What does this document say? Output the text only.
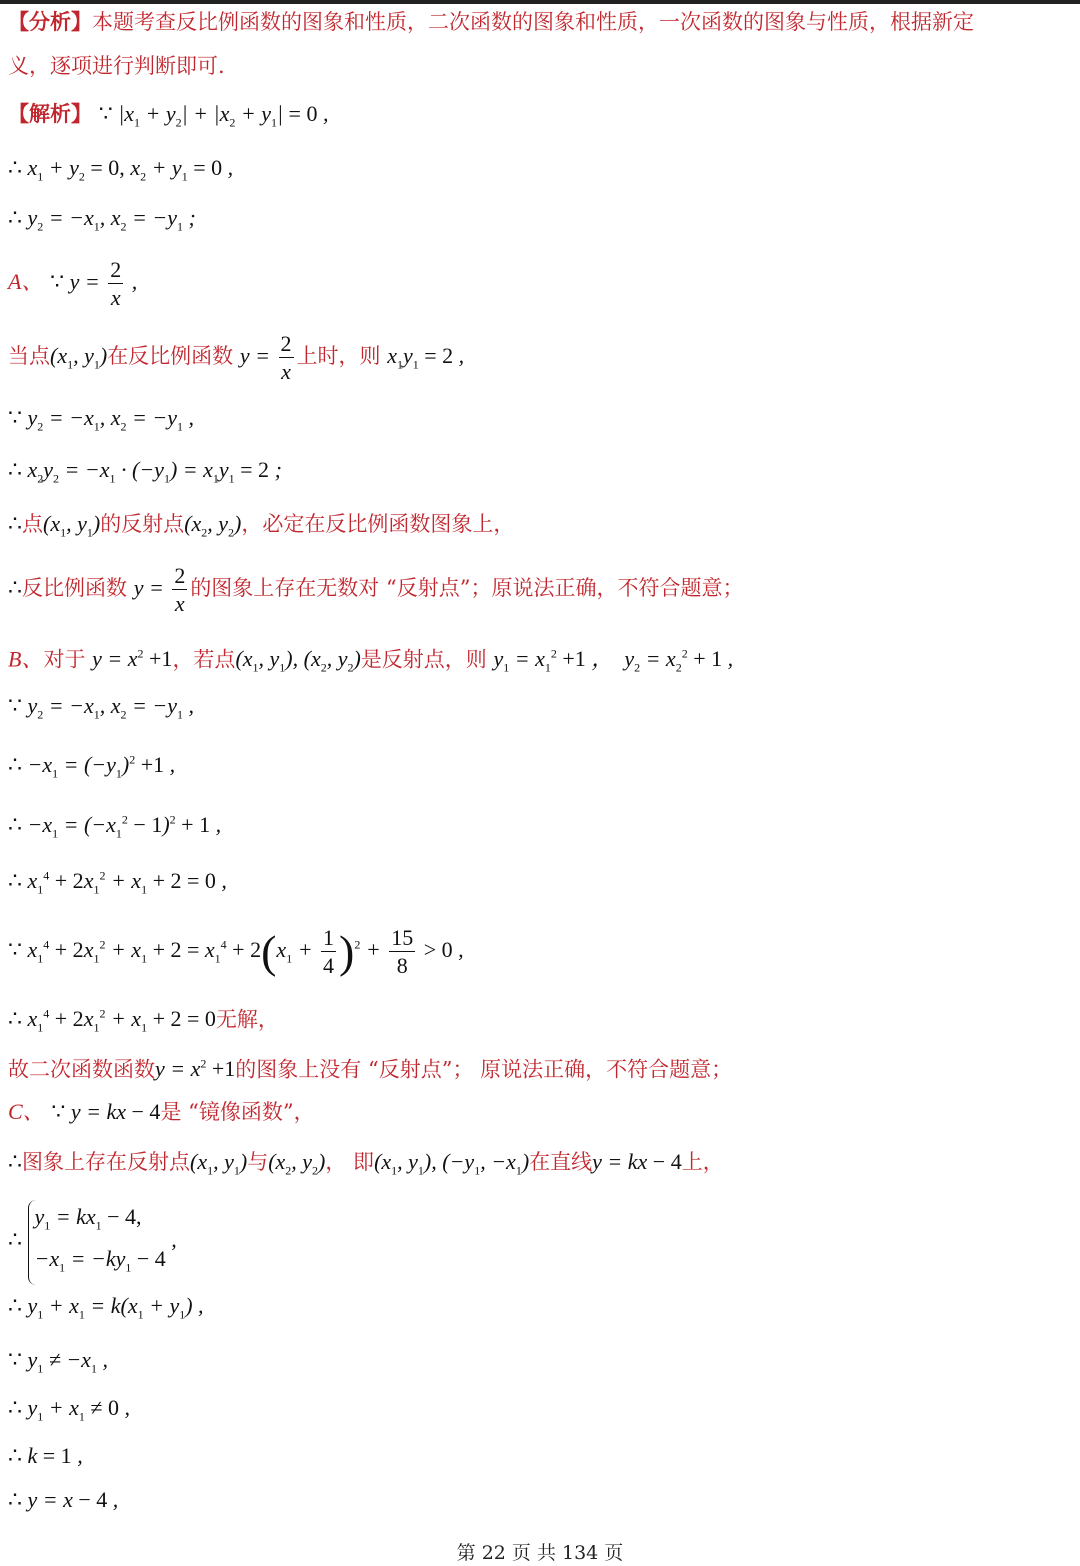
【分析】本题考查反比例函数的图象和性质，二次函数的图象和性质，一次函数的图象与性质，根据新定
义，逐项进行判断即可.
【解析】 ∵ $|x_1 + y_2| + |x_2 + y_1| = 0$ ,
∴ $x_1 + y_2 = 0$, $x_2 + y_1 = 0$ ,
∴ $y_2 = -x_1$, $x_2 = -y_1$ ;
A、 ∵ $y = \frac{2}{x}$ ,
当点($x_1$, $y_1$)在反比例函数 $y = \frac{2}{x}$ 上时，则 $x_1y_1 = 2$ ,
∵ $y_2 = -x_1$, $x_2 = -y_1$ ,
∴ $x_2y_2 = -x_1 \cdot (-y_1) = x_1y_1 = 2$ ;
∴点($x_1$, $y_1$)的反射点($x_2$, $y_2$)，必定在反比例函数图象上，
∴反比例函数 $y = \frac{2}{x}$ 的图象上存在无数对 “反射点”；原说法正确，不符合题意；
B、对于 $y = x^2 +1$，若点($x_1$, $y_1$), ($x_2$, $y_2$)是反射点，则 $y_1 = x_1^2 +1$ ，  $y_2 = x_2^2 + 1$ ,
∵ $y_2 = -x_1$, $x_2 = -y_1$ ,
∴ $-x_1 = (-y_1)^2 +1$ ,
∴ $-x_1 = (-x_1^2 - 1)^2 + 1$ ,
∴ $x_1^4 + 2x_1^2 + x_1 + 2 = 0$ ,
∵ $x_1^4 + 2x_1^2 + x_1 + 2 = x_1^4 + 2(x_1 + \frac{1}{4} )^2 + \frac{15}{8} > 0$ ,
∴ $x_1^4 + 2x_1^2 + x_1 + 2 = 0$无解，
故二次函数函数$y = x^2 +1$的图象上没有 “反射点”； 原说法正确，不符合题意；
C、 ∵ y = kx − 4是 “镜像函数”，
∴图象上存在反射点($x_1$, $y_1$)与($x_2$, $y_2$)， 即($x_1$, $y_1$), ($-y_1$, $-x_1$)在直线y = kx − 4上，
∴
$y_1 = kx_1 - 4$,
$-x_1 = -ky_1 - 4$
,
∴ $y_1 + x_1 = k(x_1 + y_1)$ ,
∵ $y_1 \ne -x_1$ ,
∴ $y_1 + x_1 \ne 0$ ,
∴ k = 1 ,
∴ y = x − 4 ,
第 22 页 共 134 页
